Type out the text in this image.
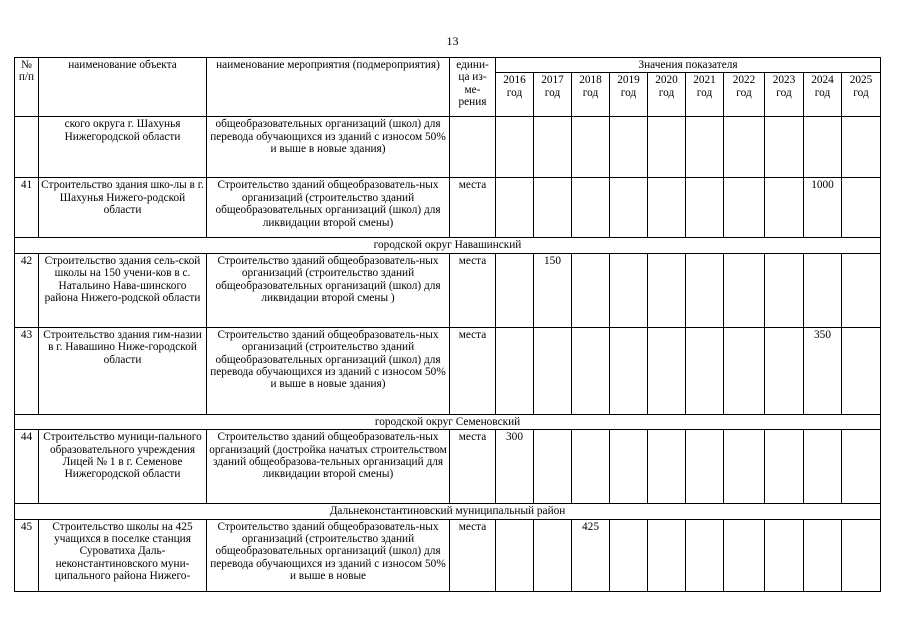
13
№ п/п	наименование объекта	наименование мероприятия (подмероприятия)	едини-ца из-ме-рения	Значения показателя									
				2016 год	2017 год	2018 год	2019 год	2020 год	2021 год	2022 год	2023 год	2024 год	2025 год
	ского округа г. Шахунья Нижегородской области	общеобразовательных организаций (школ) для перевода обучающихся из зданий с износом 50% и выше в новые здания)											
41	Строительство здания шко-лы в г. Шахунья Нижего-родской области	Строительство зданий общеобразователь-ных организаций (строительство зданий общеобразовательных организаций (школ) для ликвидации второй смены)	места									1000	
городской округ Навашинский													
42	Строительство здания сель-ской школы на 150 учени-ков в с. Натальино Нава-шинского района Нижего-родской области	Строительство зданий общеобразователь-ных организаций (строительство зданий общеобразовательных организаций (школ) для ликвидации второй смены )	места		150								
43	Строительство здания гим-назии в г. Навашино Ниже-городской области	Строительство зданий общеобразователь-ных организаций (строительство зданий общеобразовательных организаций (школ) для перевода обучающихся из зданий с износом 50% и выше в новые здания)	места									350	
городской округ Семеновский													
44	Строительство муници-пального образовательного учреждения Лицей № 1 в г. Семенове Нижегородской области	Строительство зданий общеобразователь-ных организаций (достройка начатых строительством зданий общеобразова-тельных организаций для ликвидации второй смены)	места	300									
Дальнеконстантиновский муниципальный район													
45	Строительство школы на 425 учащихся в поселке станция Суроватиха Даль-неконстантиновского муни-ципального района Нижего-	Строительство зданий общеобразователь-ных организаций (строительство зданий общеобразовательных организаций (школ) для перевода обучающихся из зданий с износом 50% и выше в новые	места			425							
